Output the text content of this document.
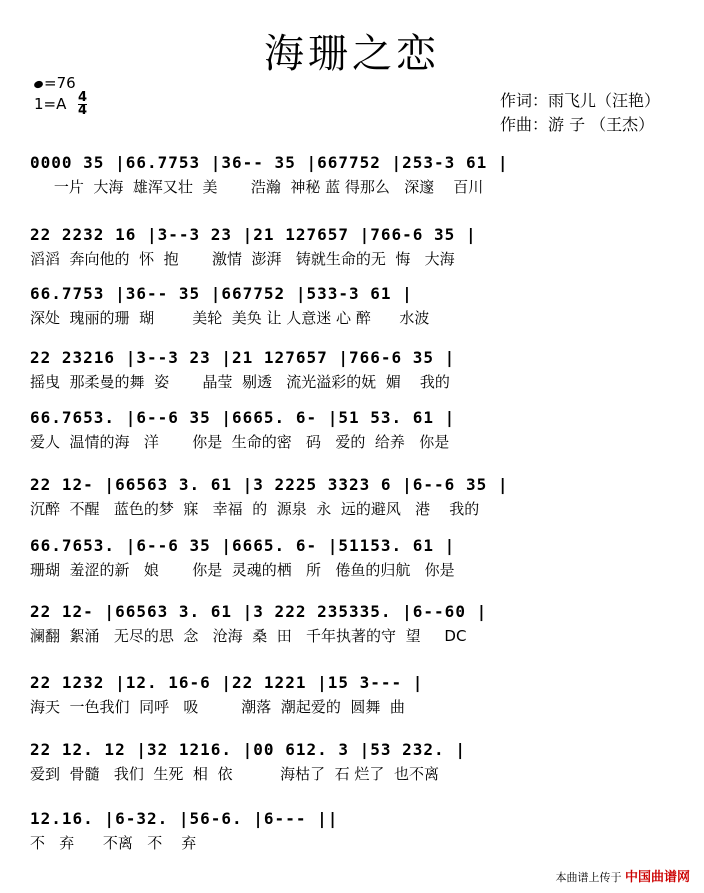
海珊之恋
=76
1=A 4
4
作词：雨飞儿（汪艳）
作曲：游 子 （王杰）
0000 35 |66.7753 |36-- 35 |667752 |253-3 61 |
一片  大海  雄浑又壮  美       浩瀚  神秘 蓝 得那么   深邃    百川
22 2232 16 |3--3 23 |21 127657 |766-6 35 |
滔滔  奔向他的  怀  抱       激情  澎湃   铸就生命的无  悔   大海
66.7753 |36-- 35 |667752 |533-3 61 |
深处  瑰丽的珊  瑚        美轮  美奂 让 人意迷 心 醉      水波
22 23216 |3--3 23 |21 127657 |766-6 35 |
摇曳  那柔曼的舞  姿       晶莹  剔透   流光溢彩的妩  媚    我的
66.7653. |6--6 35 |6665. 6- |51 53. 61 |
爱人  温情的海   洋       你是  生命的密   码   爱的  给养   你是
22 12- |66563 3. 61 |3 2225 3323 6 |6--6 35 |
沉醉  不醒   蓝色的梦  寐   幸福  的  源泉  永  远的避风   港    我的
66.7653. |6--6 35 |6665. 6- |51153. 61 |
珊瑚  羞涩的新   娘       你是  灵魂的栖   所   倦鱼的归航   你是
22 12- |66563 3. 61 |3 222 235335. |6--60 |
澜翻  絮涌   无尽的思  念   沧海  桑  田   千年执著的守  望     DC
22 1232 |12. 16-6 |22 1221 |15 3--- |
海天  一色我们  同呼   吸         潮落  潮起爱的  圆舞  曲
22 12. 12 |32 1216. |00 612. 3 |53 232. |
爱到  骨髓   我们  生死  相  依          海枯了  石 烂了  也不离
12.16. |6-32. |56-6. |6--- ||
不   弃      不离   不    弃
本曲谱上传于 中国曲谱网
